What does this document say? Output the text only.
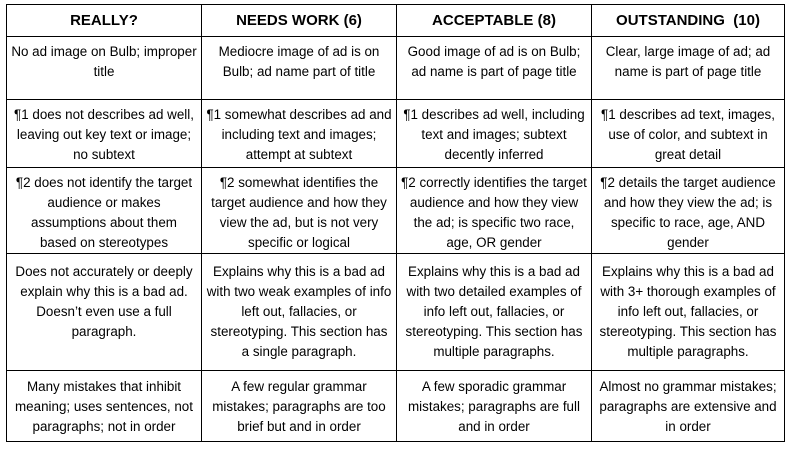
REALLY?	NEEDS WORK (6)	ACCEPTABLE (8)	OUTSTANDING  (10)
No ad image on Bulb; improper title	Mediocre image of ad is on Bulb; ad name part of title	Good image of ad is on Bulb; ad name is part of page title	Clear, large image of ad; ad name is part of page title
¶1 does not describes ad well, leaving out key text or image; no subtext	¶1 somewhat describes ad and including text and images; attempt at subtext	¶1 describes ad well, including text and images; subtext decently inferred	¶1 describes ad text, images, use of color, and subtext in great detail
¶2 does not identify the target audience or makes assumptions about them based on stereotypes	¶2 somewhat identifies the target audience and how they view the ad, but is not very specific or logical	¶2 correctly identifies the target audience and how they view the ad; is specific two race, age, OR gender	¶2 details the target audience and how they view the ad; is specific to race, age, AND gender
Does not accurately or deeply explain why this is a bad ad. Doesn’t even use a full paragraph.	Explains why this is a bad ad with two weak examples of info left out, fallacies, or stereotyping. This section has a single paragraph.	Explains why this is a bad ad with two detailed examples of info left out, fallacies, or stereotyping. This section has multiple paragraphs.	Explains why this is a bad ad with 3+ thorough examples of info left out, fallacies, or stereotyping. This section has multiple paragraphs.
Many mistakes that inhibit meaning; uses sentences, not paragraphs; not in order	A few regular grammar mistakes; paragraphs are too brief but and in order	A few sporadic grammar mistakes; paragraphs are full and in order	Almost no grammar mistakes; paragraphs are extensive and in order
